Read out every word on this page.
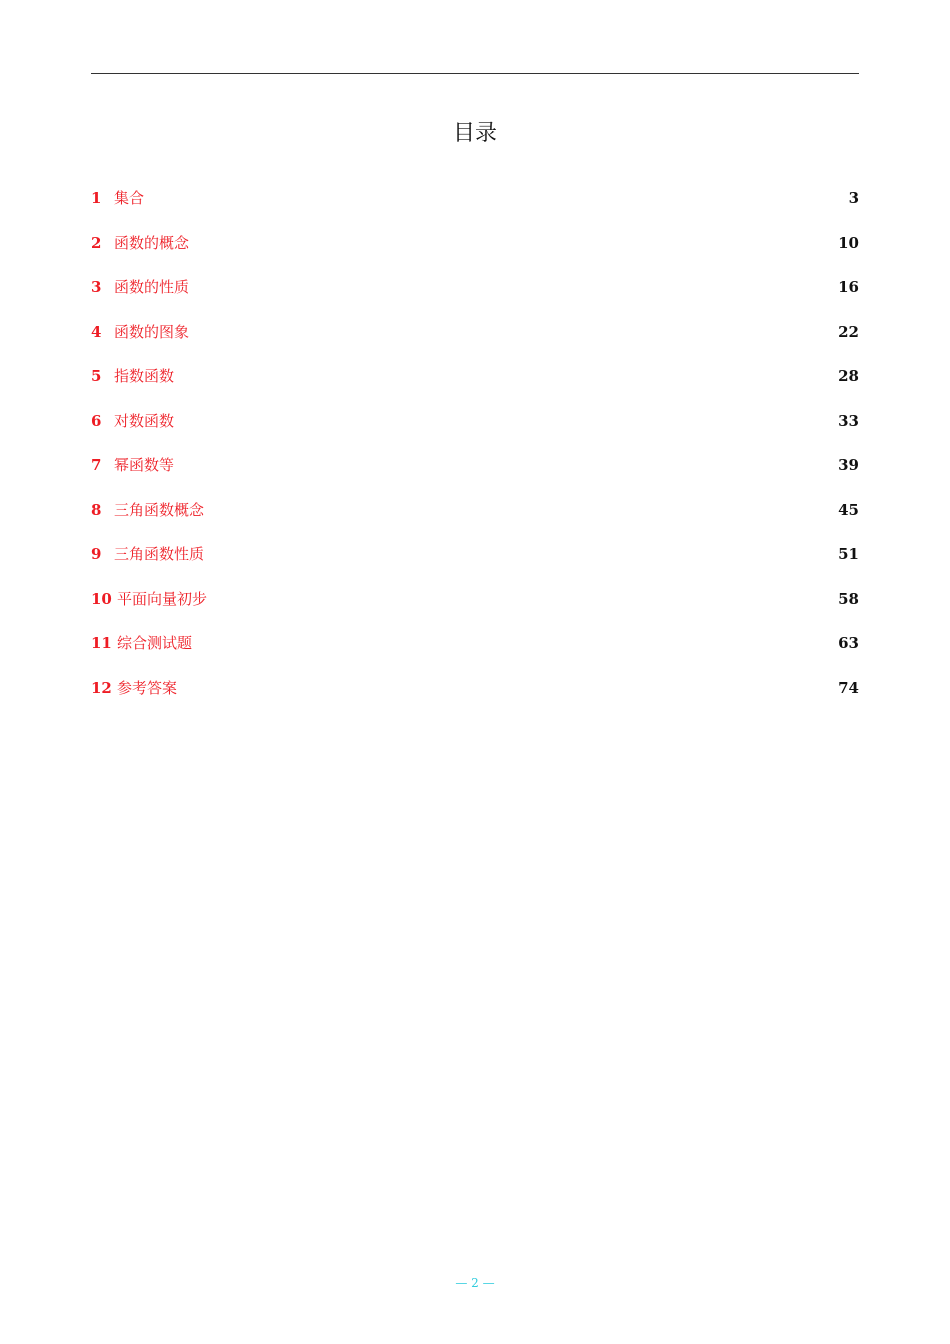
目录
1 集合	3
2 函数的概念	10
3 函数的性质	16
4 函数的图象	22
5 指数函数	28
6 对数函数	33
7 幂函数等	39
8 三角函数概念	45
9 三角函数性质	51
10 平面向量初步	58
11 综合测试题	63
12 参考答案	74
— 2 —
